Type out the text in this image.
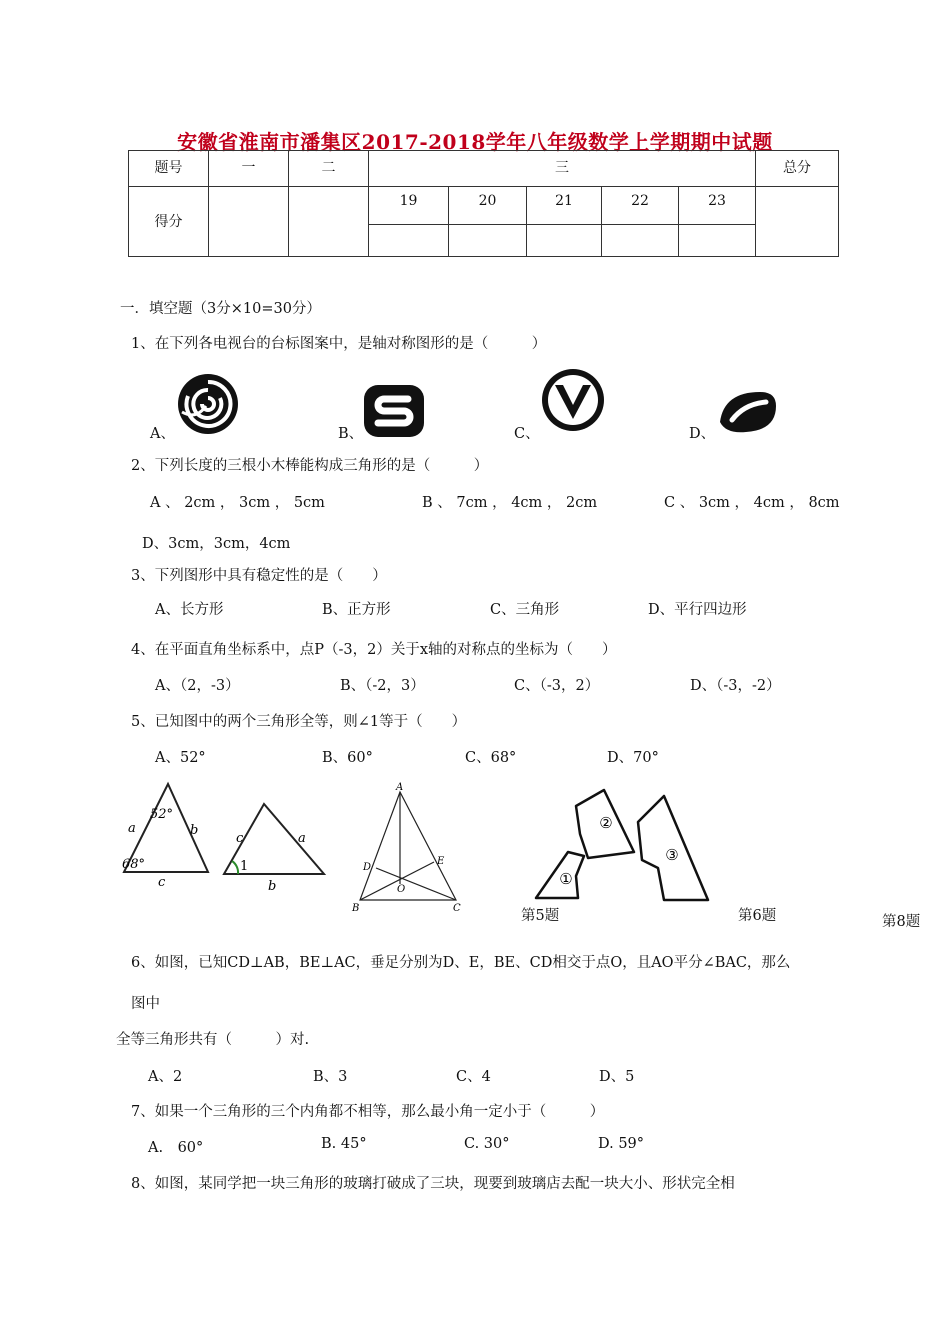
安徽省淮南市潘集区2017-2018学年八年级数学上学期期中试题
题号	一	二	三					总分
得分			19	20	21	22	23	

一．填空题（3分×10=30分）
1、在下列各电视台的台标图案中，是轴对称图形的是（　　　）
A、	B、	C、	D、
2、下列长度的三根小木棒能构成三角形的是（　　　）
A 、 2cm ， 3cm ， 5cm	B 、 7cm ， 4cm ， 2cm	C 、 3cm ， 4cm ， 8cm
D、3cm，3cm，4cm
3、下列图形中具有稳定性的是（　　）
A、长方形	B、正方形	C、三角形	D、平行四边形
4、在平面直角坐标系中，点P（-3，2）关于x轴的对称点的坐标为（　　）
A、（2，-3）	B、（-2，3）	C、（-3，2）	D、（-3，-2）
5、已知图中的两个三角形全等，则∠1等于（　　）
A、52°	B、60°	C、68°	D、70°
52°
68°
a	b
c
c	a
b
1
A
B	C
D
E
O
①
②
③
第5题	第6题	第8题
6、如图，已知CD⊥AB，BE⊥AC，垂足分别为D、E，BE、CD相交于点O，且AO平分∠BAC，那么
图中
全等三角形共有（　　　）对.
A、2	B、3	C、4	D、5
7、如果一个三角形的三个内角都不相等，那么最小角一定小于（　　　）
A.　60°	B. 45°	C. 30°	D. 59°
8、如图，某同学把一块三角形的玻璃打破成了三块，现要到玻璃店去配一块大小、形状完全相
